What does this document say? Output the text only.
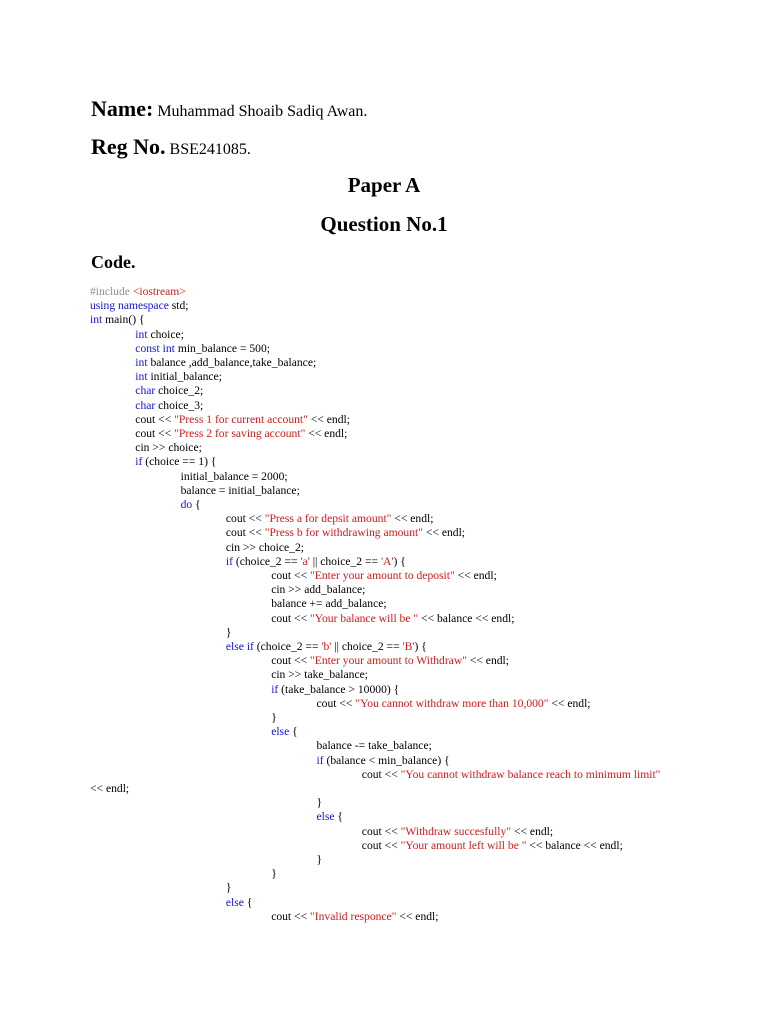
Name: Muhammad Shoaib Sadiq Awan.
Reg No. BSE241085.
Paper A
Question No.1
Code.
#include <iostream>
using namespace std;
int main() {
int choice;
const int min_balance = 500;
int balance ,add_balance,take_balance;
int initial_balance;
char choice_2;
char choice_3;
cout << "Press 1 for current account" << endl;
cout << "Press 2 for saving account" << endl;
cin >> choice;
if (choice == 1) {
initial_balance = 2000;
balance = initial_balance;
do {
cout << "Press a for depsit amount" << endl;
cout << "Press b for withdrawing amount" << endl;
cin >> choice_2;
if (choice_2 == 'a' || choice_2 == 'A') {
cout << "Enter your amount to deposit" << endl;
cin >> add_balance;
balance += add_balance;
cout << "Your balance will be " << balance << endl;
}
else if (choice_2 == 'b' || choice_2 == 'B') {
cout << "Enter your amount to Withdraw" << endl;
cin >> take_balance;
if (take_balance > 10000) {
cout << "You cannot withdraw more than 10,000" << endl;
}
else {
balance -= take_balance;
if (balance < min_balance) {
cout << "You cannot withdraw balance reach to minimum limit"
<< endl;
}
else {
cout << "Withdraw succesfully" << endl;
cout << "Your amount left will be " << balance << endl;
}
}
}
else {
cout << "Invalid responce" << endl;
